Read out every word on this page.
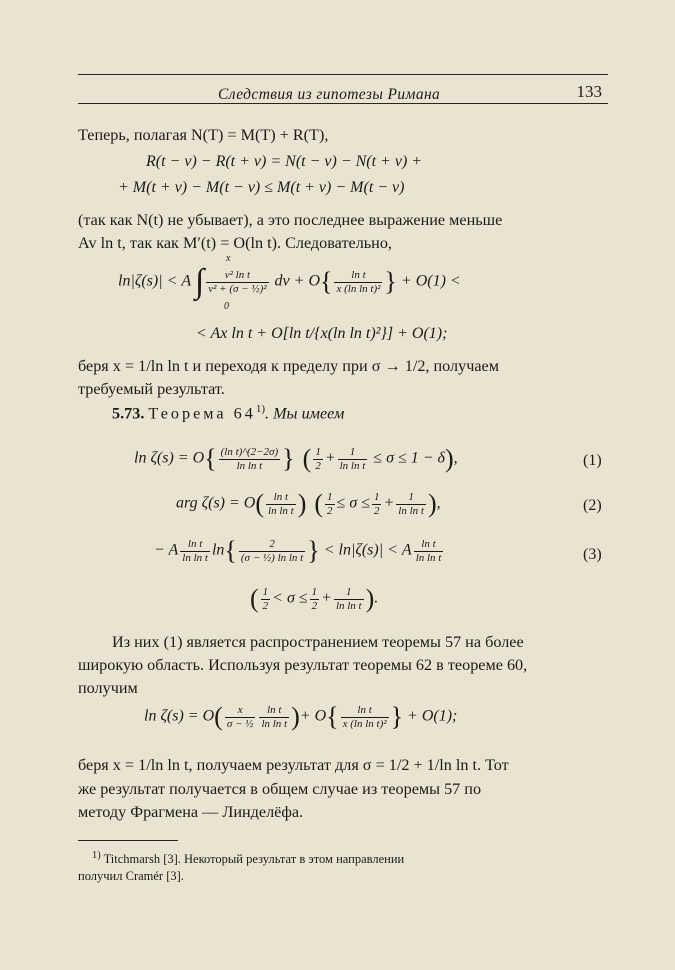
Следствия из гипотезы Римана	133
Теперь, полагая N(T) = M(T) + R(T),
R(t − v) − R(t + v) = N(t − v) − N(t + v) +
+ M(t + v) − M(t − v) ≤ M(t + v) − M(t − v)
(так как N(t) не убывает), а это последнее выражение меньше
Av ln t, так как M′(t) = O(ln t). Следовательно,
x
0
ln|ζ(s)| < A ∫ $\frac{\text{v² ln t}}{\text{v² + (σ − ½)²}}$ dv + $O\{ \frac{\text{ln t}}{\text{x (ln ln t)²}}$ } + O(1) <
< Ax ln t + O[ln t/{x(ln ln t)²}] + O(1);
беря x = 1/ln ln t и переходя к пределу при σ → 1/2, получаем
требуемый результат.
5.73. Теорема 64$^{1)}$. Мы имеем
$\ln \zeta(s) = O\{ \frac{\text{(ln t)\textasciicircum{}(2−2σ)}}{\text{ln ln t}}$ } ( $\frac{1}{2} + \frac{1}{\text{ln ln t}} \le \sigma \le 1 - \delta$),	(1)
arg $\zeta(s) = O( \frac{\text{ln t}}{\text{ln ln t}}$ ) ( $\frac{1}{2} \le \sigma \le \frac{1}{2} + \frac{1}{\text{ln ln t}}$ ),	(2)
− A $\frac{\text{ln t}}{\text{ln ln t}} \ln\{ \frac{2}{\text{(σ − ½) ln ln t}}$ } < ln|ζ(s)| < A $\frac{\text{ln t}}{\text{ln ln t}}$	(3)
( $\frac{1}{2} < \sigma \le \frac{1}{2} + \frac{1}{\text{ln ln t}}$ ).
Из них (1) является распространением теоремы 57 на более
широкую область. Используя результат теоремы 62 в теореме 60,
получим
$\ln \zeta(s) = O( \frac{x}{\text{σ − ½}} \frac{\text{ln t}}{\text{ln ln t}}$ )+ $O\{ \frac{\text{ln t}}{\text{x (ln ln t)²}}$ } + O(1);
беря x = 1/ln ln t, получаем результат для σ = 1/2 + 1/ln ln t. Тот
же результат получается в общем случае из теоремы 57 по
методу Фрагмена — Линделёфа.
$^{1)}$ Titchmarsh [3]. Некоторый результат в этом направлении
получил Cramér [3].
